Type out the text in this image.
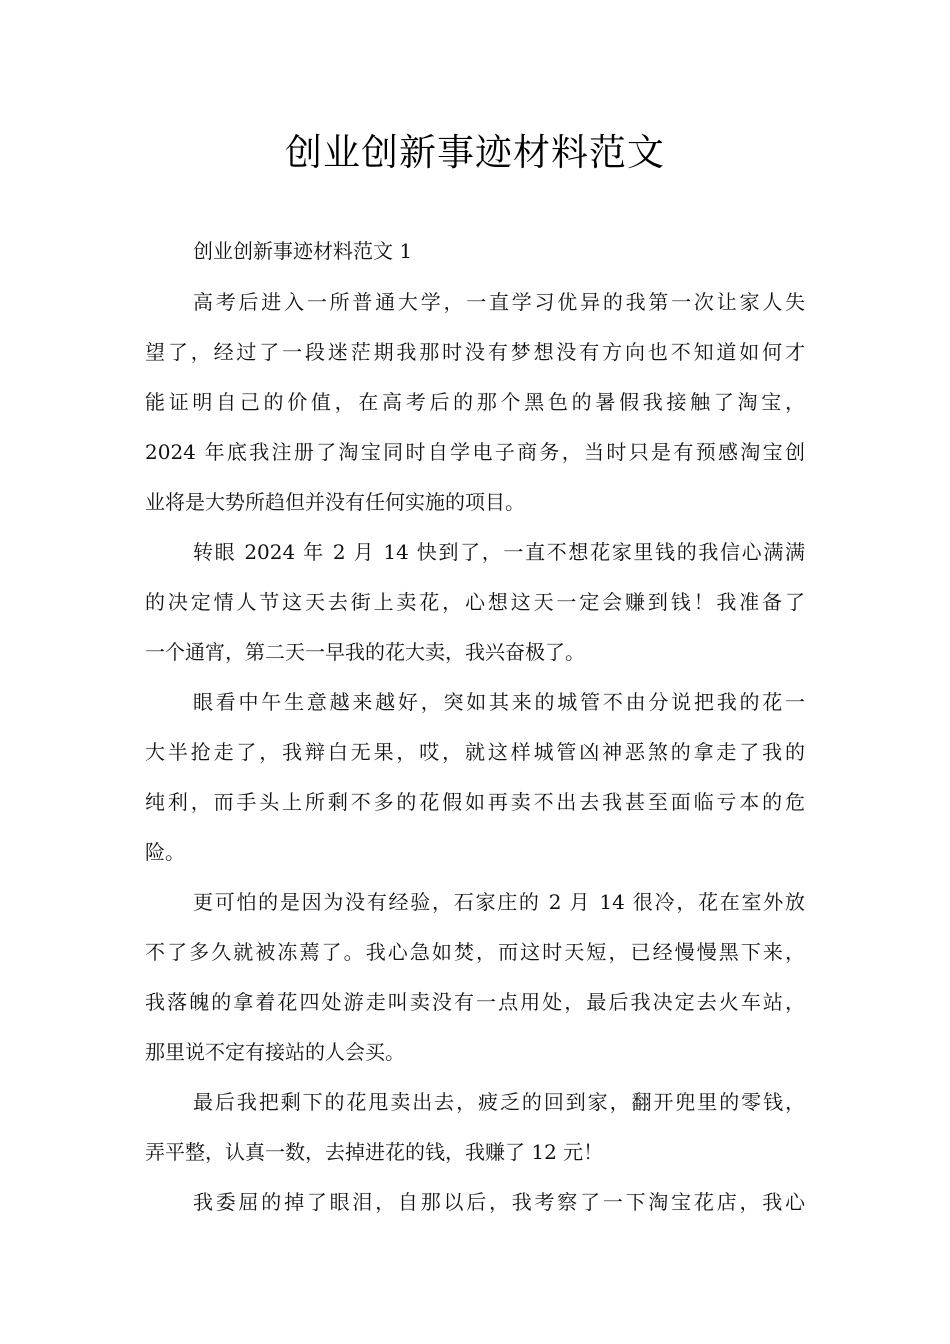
创业创新事迹材料范文
创业创新事迹材料范文 1
高考后进入一所普通大学，一直学习优异的我第一次让家人失
望了，经过了一段迷茫期我那时没有梦想没有方向也不知道如何才
能证明自己的价值，在高考后的那个黑色的暑假我接触了淘宝，
2024 年底我注册了淘宝同时自学电子商务，当时只是有预感淘宝创
业将是大势所趋但并没有任何实施的项目。
转眼 2024 年 2 月 14 快到了，一直不想花家里钱的我信心满满
的决定情人节这天去街上卖花，心想这天一定会赚到钱！我准备了
一个通宵，第二天一早我的花大卖，我兴奋极了。
眼看中午生意越来越好，突如其来的城管不由分说把我的花一
大半抢走了，我辩白无果，哎，就这样城管凶神恶煞的拿走了我的
纯利，而手头上所剩不多的花假如再卖不出去我甚至面临亏本的危
险。
更可怕的是因为没有经验，石家庄的 2 月 14 很冷，花在室外放
不了多久就被冻蔫了。我心急如焚，而这时天短，已经慢慢黑下来，
我落魄的拿着花四处游走叫卖没有一点用处，最后我决定去火车站，
那里说不定有接站的人会买。
最后我把剩下的花甩卖出去，疲乏的回到家，翻开兜里的零钱，
弄平整，认真一数，去掉进花的钱，我赚了 12 元！
我委屈的掉了眼泪，自那以后，我考察了一下淘宝花店，我心
